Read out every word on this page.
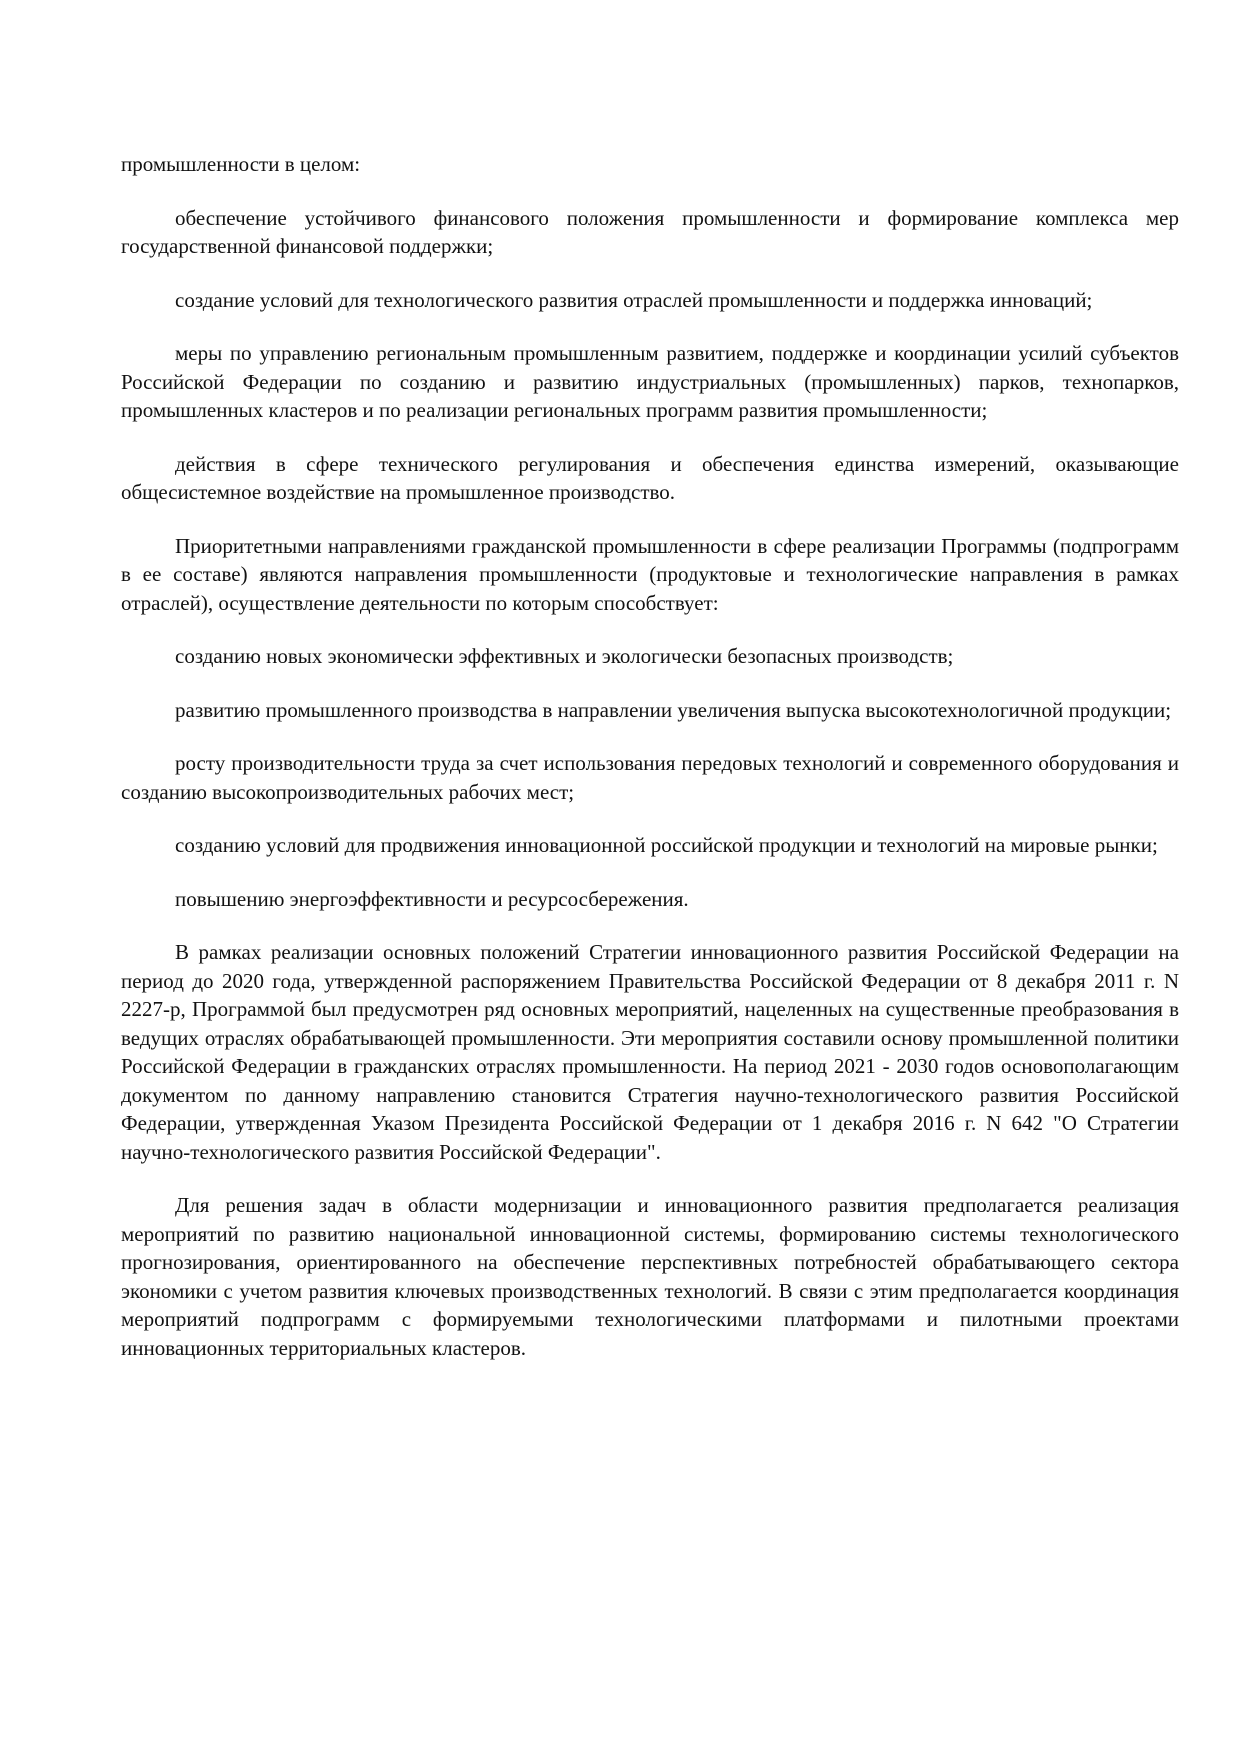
промышленности в целом:

обеспечение устойчивого финансового положения промышленности и формирование комплекса мер государственной финансовой поддержки;

создание условий для технологического развития отраслей промышленности и поддержка инноваций;

меры по управлению региональным промышленным развитием, поддержке и координации усилий субъектов Российской Федерации по созданию и развитию индустриальных (промышленных) парков, технопарков, промышленных кластеров и по реализации региональных программ развития промышленности;

действия в сфере технического регулирования и обеспечения единства измерений, оказывающие общесистемное воздействие на промышленное производство.

Приоритетными направлениями гражданской промышленности в сфере реализации Программы (подпрограмм в ее составе) являются направления промышленности (продуктовые и технологические направления в рамках отраслей), осуществление деятельности по которым способствует:

созданию новых экономически эффективных и экологически безопасных производств;

развитию промышленного производства в направлении увеличения выпуска высокотехнологичной продукции;

росту производительности труда за счет использования передовых технологий и современного оборудования и созданию высокопроизводительных рабочих мест;

созданию условий для продвижения инновационной российской продукции и технологий на мировые рынки;

повышению энергоэффективности и ресурсосбережения.

В рамках реализации основных положений Стратегии инновационного развития Российской Федерации на период до 2020 года, утвержденной распоряжением Правительства Российской Федерации от 8 декабря 2011 г. N 2227-р, Программой был предусмотрен ряд основных мероприятий, нацеленных на существенные преобразования в ведущих отраслях обрабатывающей промышленности. Эти мероприятия составили основу промышленной политики Российской Федерации в гражданских отраслях промышленности. На период 2021 - 2030 годов основополагающим документом по данному направлению становится Стратегия научно-технологического развития Российской Федерации, утвержденная Указом Президента Российской Федерации от 1 декабря 2016 г. N 642 "О Стратегии научно-технологического развития Российской Федерации".

Для решения задач в области модернизации и инновационного развития предполагается реализация мероприятий по развитию национальной инновационной системы, формированию системы технологического прогнозирования, ориентированного на обеспечение перспективных потребностей обрабатывающего сектора экономики с учетом развития ключевых производственных технологий. В связи с этим предполагается координация мероприятий подпрограмм с формируемыми технологическими платформами и пилотными проектами инновационных территориальных кластеров.
